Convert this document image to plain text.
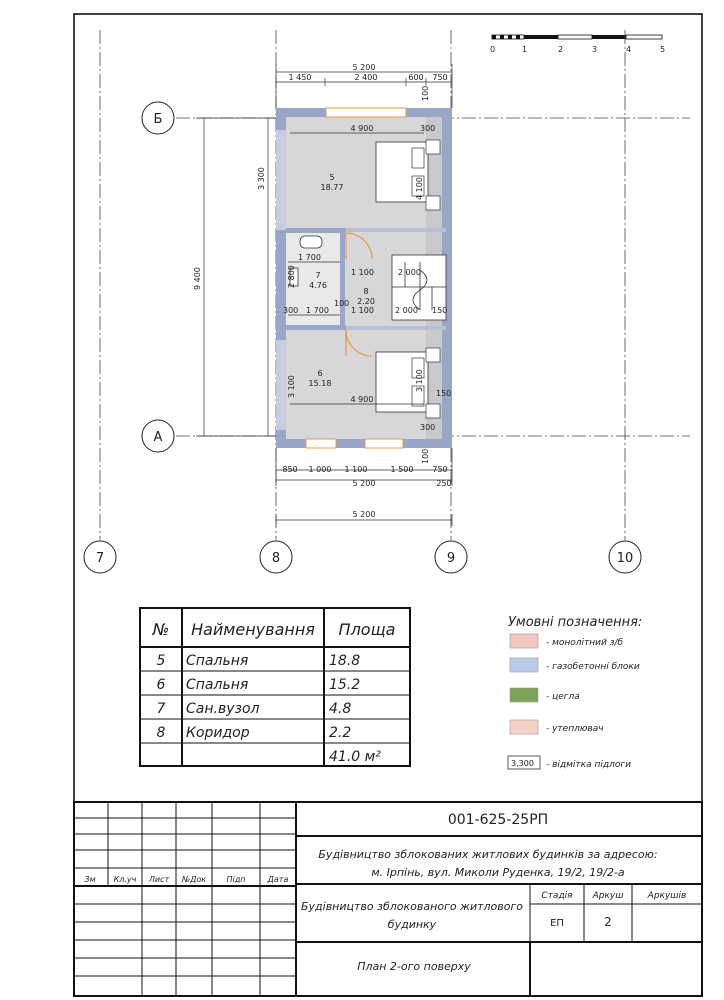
0	1	2	3	4	5
Б
А
7	8	9	10
5
18.77
6
15.18
7
4.76
8
2.20
4 900
4 900
300
300
1 700
1 700
300
1 100
1 100
2 000
2 000
100
150
150
4 100
3 100
5 200
1 450	2 400	600 750
100
850 1 000 1 100	1 500 750
5 200	250
5 200
100
9 400
3 300
2 800
3 100
№ Найменування Площа
5 Спальня	18.8
6 Спальня	15.2
7 Сан.вузол	4.8
8 Коридор	2.2
41.0 м²
Умовні позначення:
- монолітний з/б
- газобетонні блоки
- цегла
- утеплювач
3,300 - відмітка підлоги
Зм Кл.уч Лист №Док	Підп	Дата
001-625-25РП
Будівництво зблокованих житлових будинків за адресою:
м. Ірпінь, вул. Миколи Руденка, 19/2, 19/2-а
Будівництво зблокованого житлового
будинку
Стадія Аркуш	Аркушів
ЕП	2
План 2-ого поверху
